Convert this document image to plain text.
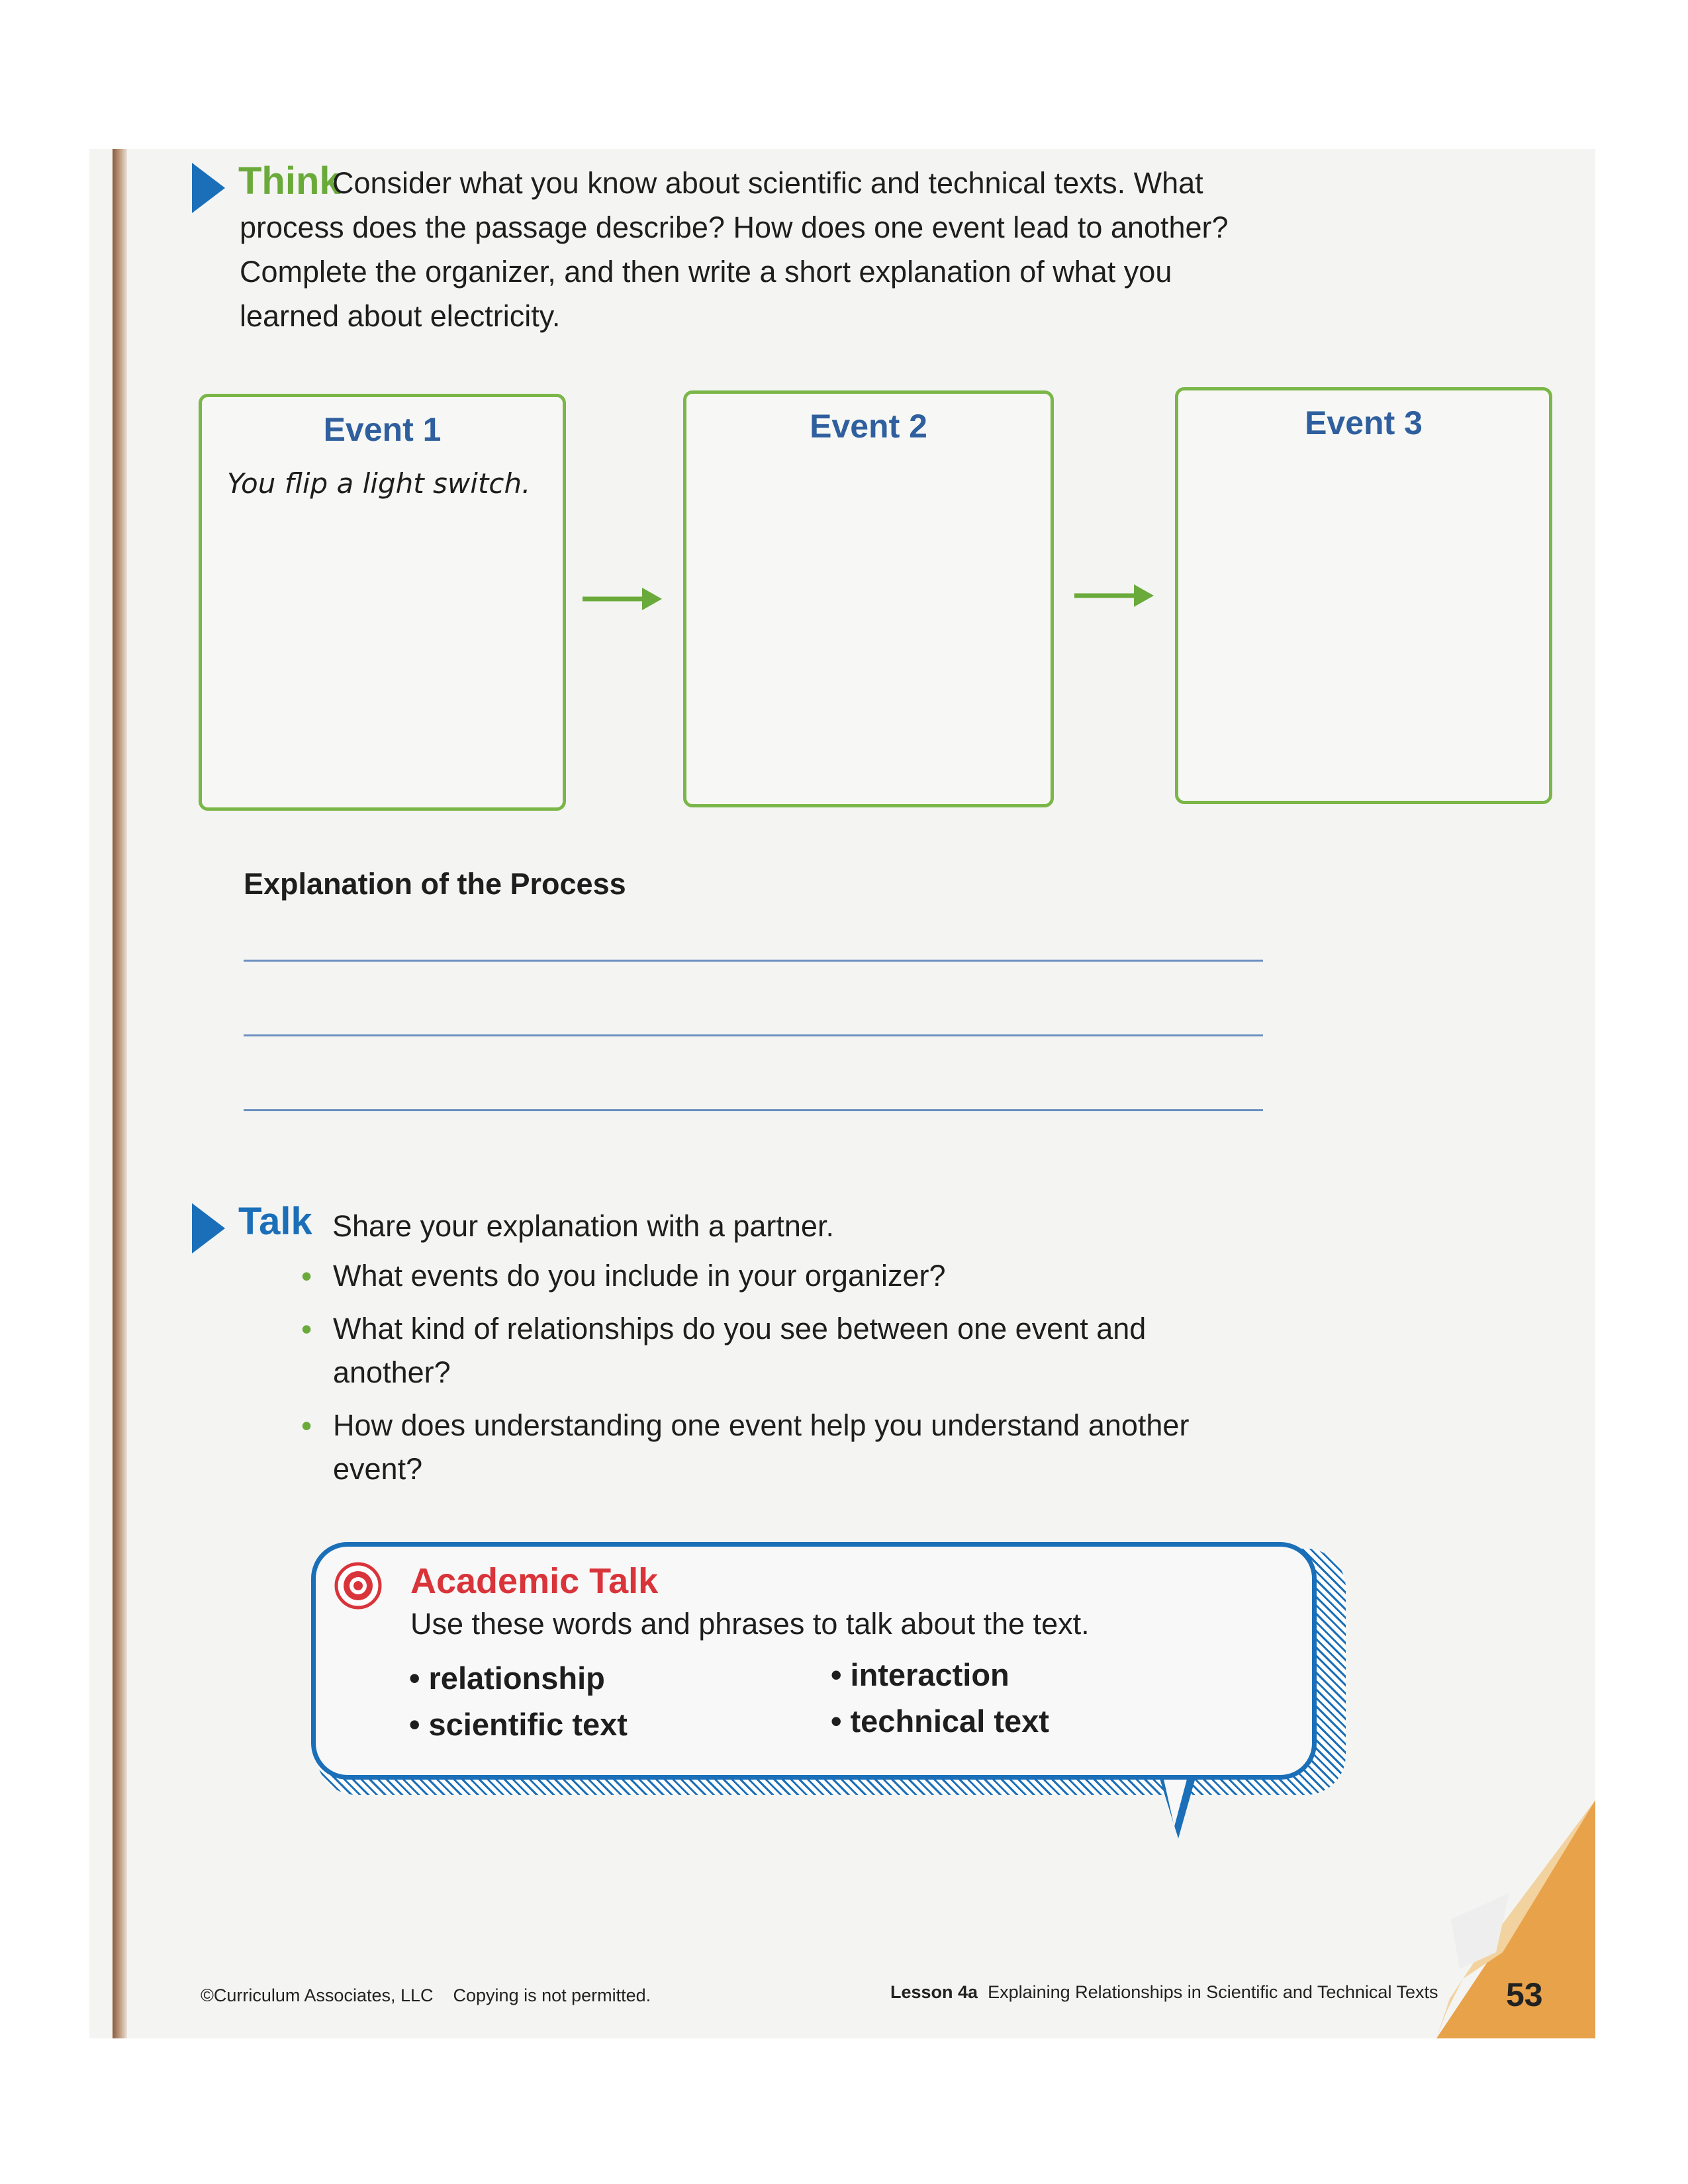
Think
Consider what you know about scientific and technical texts. What process does the passage describe? How does one event lead to another? Complete the organizer, and then write a short explanation of what you learned about electricity.
Event 1
You flip a light switch.
Event 2	Event 3
Explanation of the Process
Talk Share your explanation with a partner.
• What events do you include in your organizer?
• What kind of relationships do you see between one event and another?
• How does understanding one event help you understand another event?
Academic Talk
Use these words and phrases to talk about the text.
• relationship	• interaction
• scientific text	• technical text
©Curriculum Associates, LLC Copying is not permitted.	Lesson 4a Explaining Relationships in Scientific and Technical Texts 53
